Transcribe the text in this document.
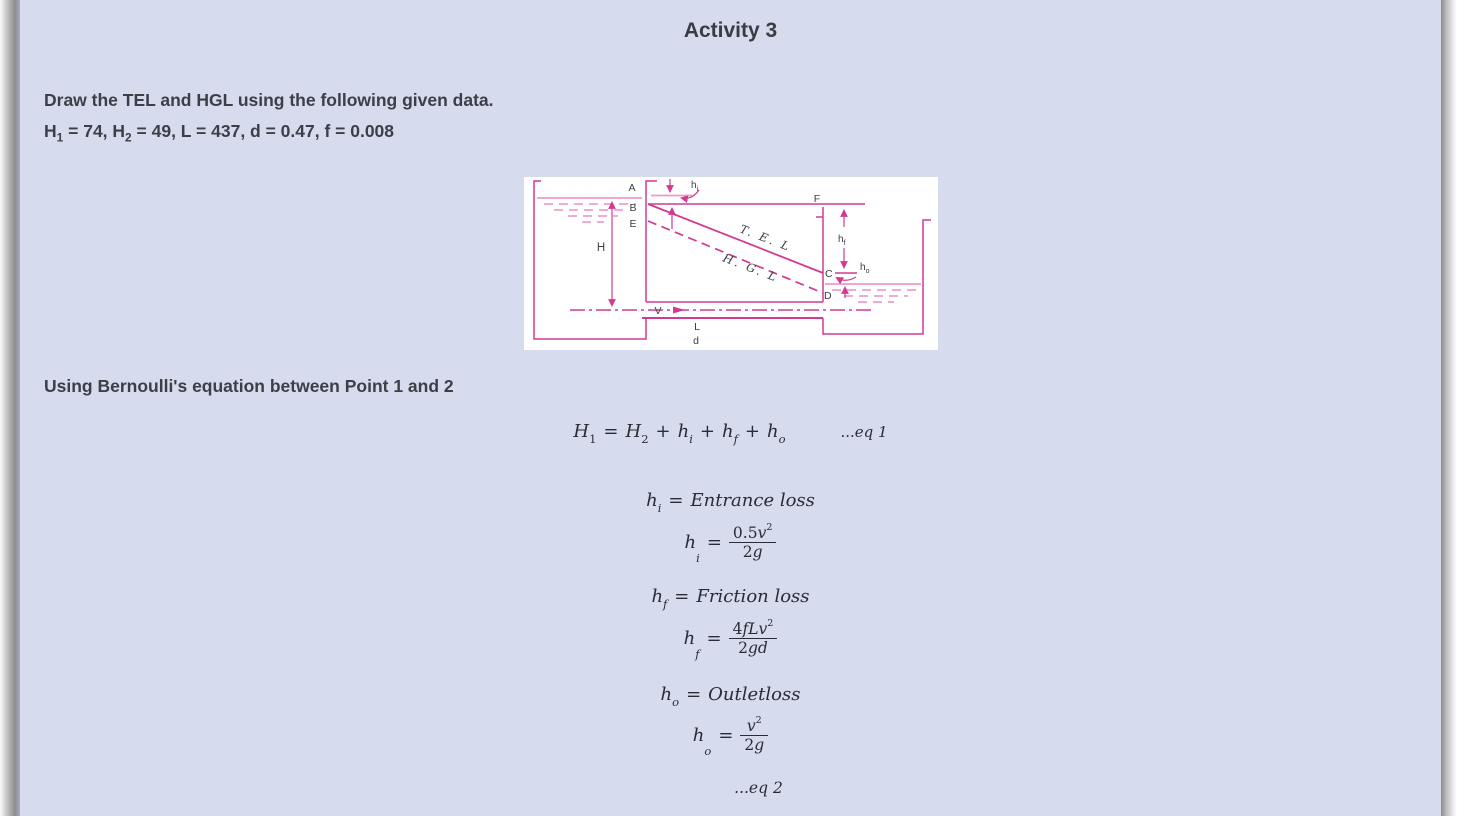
Activity 3
Draw the TEL and HGL using the following given data.
$H_1 = 74$, $H_2 = 49$, L = 437, d = 0.47, f = 0.008
A
B
E
H
F
C
D
V
L
d
T. E. L
H. G. L
$h_i$
$h_f$
$h_o$
Using Bernoulli's equation between Point 1 and 2
$H_1 = H_2 + h_i + h_f + h_o$	...eq 1
$h_i$ = Entrance loss
h
$_i$
= $\frac{0.5 v^2}{2 g}$
$h_f$ = Friction loss
h
$_f$
= $\frac{4 fLv^2}{2 gd}$
$h_o$ = Outletloss
h
$_o$
= $\frac{v^2}{2 g}$
...eq 2
